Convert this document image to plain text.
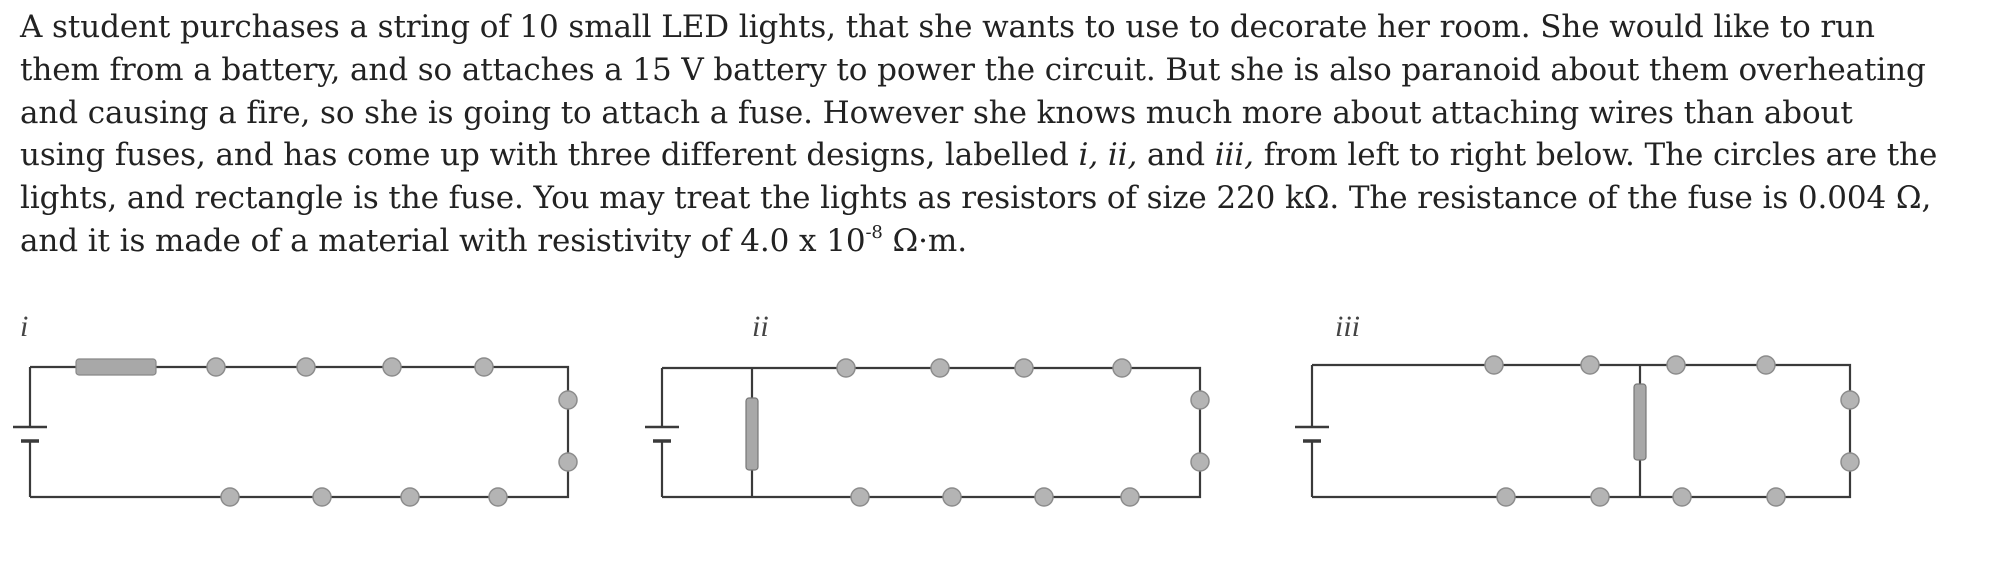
A student purchases a string of 10 small LED lights, that she wants to use to decorate her room. She would like to run
them from a battery, and so attaches a 15 V battery to power the circuit. But she is also paranoid about them overheating
and causing a fire, so she is going to attach a fuse. However she knows much more about attaching wires than about
using fuses, and has come up with three different designs, labelled i, ii, and iii, from left to right below. The circles are the
lights, and rectangle is the fuse. You may treat the lights as resistors of size 220 kΩ. The resistance of the fuse is 0.004 Ω,
and it is made of a material with resistivity of 4.0 x $10^{-8}$ Ω·m.
i	ii	iii
